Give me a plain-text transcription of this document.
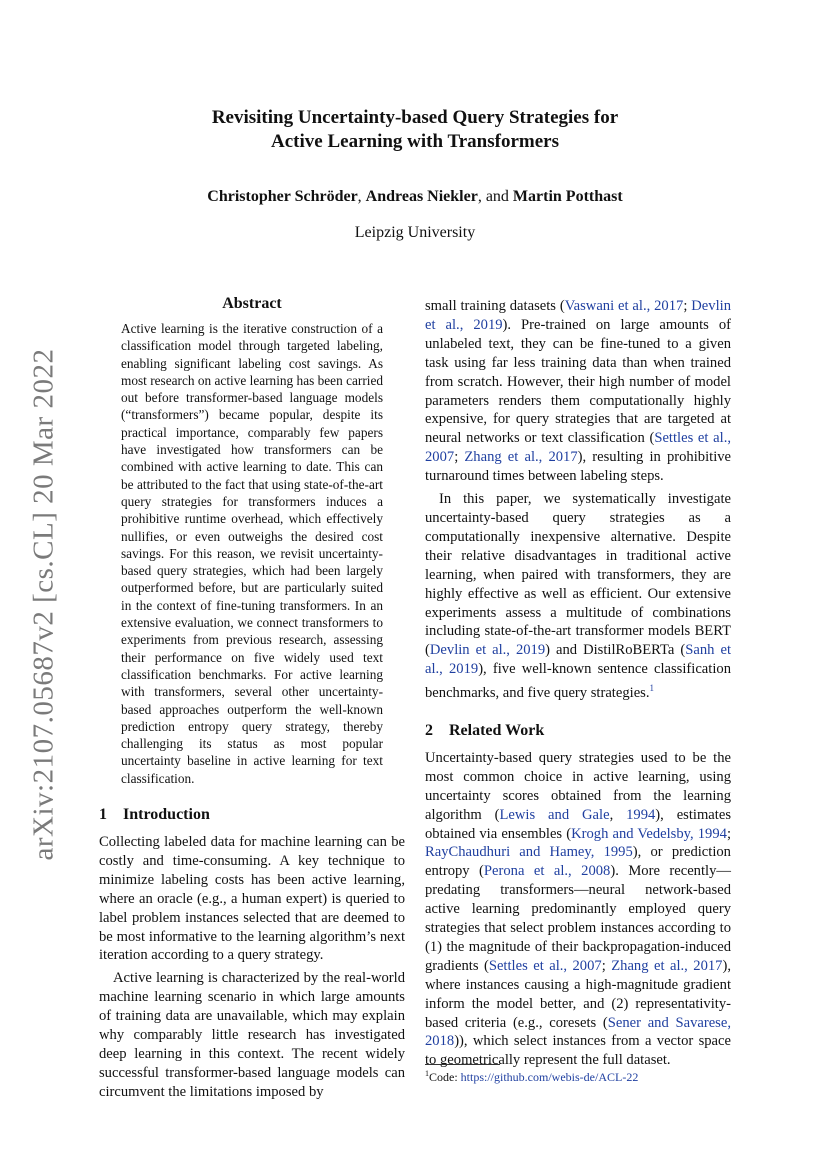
arXiv:2107.05687v2 [cs.CL] 20 Mar 2022
Revisiting Uncertainty-based Query Strategies for
Active Learning with Transformers
Christopher Schröder, Andreas Niekler, and Martin Potthast
Leipzig University
Abstract
Active learning is the iterative construction of a classification model through targeted labeling, enabling significant labeling cost savings. As most research on active learning has been carried out before transformer-based language models (“transformers”) became popular, despite its practical importance, comparably few papers have investigated how transformers can be combined with active learning to date. This can be attributed to the fact that using state-of-the-art query strategies for transformers induces a prohibitive runtime overhead, which effectively nullifies, or even outweighs the desired cost savings. For this reason, we revisit uncertainty-based query strategies, which had been largely outperformed before, but are particularly suited in the context of fine-tuning transformers. In an extensive evaluation, we connect transformers to experiments from previous research, assessing their performance on five widely used text classification benchmarks. For active learning with transformers, several other uncertainty-based approaches outperform the well-known prediction entropy query strategy, thereby challenging its status as most popular uncertainty baseline in active learning for text classification.
1 Introduction

Collecting labeled data for machine learning can be costly and time-consuming. A key technique to minimize labeling costs has been active learning, where an oracle (e.g., a human expert) is queried to label problem instances selected that are deemed to be most informative to the learning algorithm’s next iteration according to a query strategy.

Active learning is characterized by the real-world machine learning scenario in which large amounts of training data are unavailable, which may explain why comparably little research has investigated deep learning in this context. The recent widely successful transformer-based language models can circumvent the limitations imposed by

small training datasets (Vaswani et al., 2017; Devlin et al., 2019). Pre-trained on large amounts of unlabeled text, they can be fine-tuned to a given task using far less training data than when trained from scratch. However, their high number of model parameters renders them computationally highly expensive, for query strategies that are targeted at neural networks or text classification (Settles et al., 2007; Zhang et al., 2017), resulting in prohibitive turnaround times between labeling steps.

In this paper, we systematically investigate uncertainty-based query strategies as a computationally inexpensive alternative. Despite their relative disadvantages in traditional active learning, when paired with transformers, they are highly effective as well as efficient. Our extensive experiments assess a multitude of combinations including state-of-the-art transformer models BERT (Devlin et al., 2019) and DistilRoBERTa (Sanh et al., 2019), five well-known sentence classification benchmarks, and five query strategies.$^1$

2 Related Work

Uncertainty-based query strategies used to be the most common choice in active learning, using uncertainty scores obtained from the learning algorithm (Lewis and Gale, 1994), estimates obtained via ensembles (Krogh and Vedelsby, 1994; RayChaudhuri and Hamey, 1995), or prediction entropy (Perona et al., 2008). More recently—predating transformers—neural network-based active learning predominantly employed query strategies that select problem instances according to (1) the magnitude of their backpropagation-induced gradients (Settles et al., 2007; Zhang et al., 2017), where instances causing a high-magnitude gradient inform the model better, and (2) representativity-based criteria (e.g., coresets (Sener and Savarese, 2018)), which select instances from a vector space to geometrically represent the full dataset.

$^1$Code: https://github.com/webis-de/ACL-22
